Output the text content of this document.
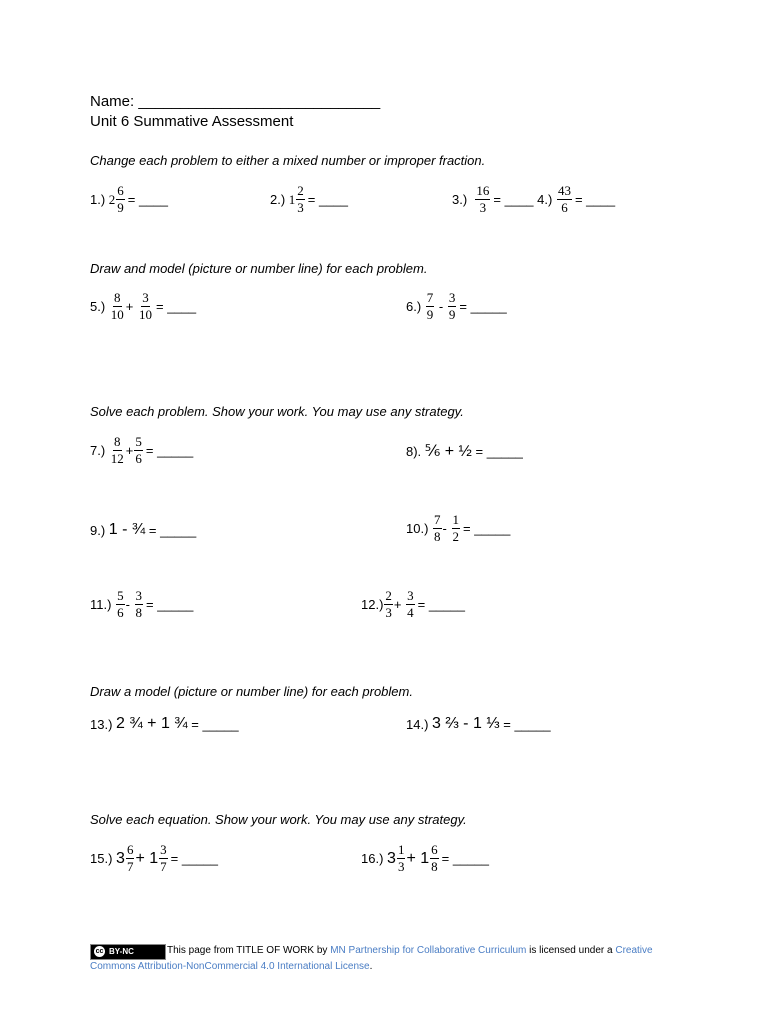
Name: _____________________________
Unit 6 Summative Assessment
Change each problem to either a mixed number or improper fraction.
1.)
$2 \frac{6}{9}$ = ____	2.)
$1 \frac{2}{3}$ = ____	3.)
$\frac{16}{3}$ = ____
4.)
$\frac{43}{6}$ = ____
Draw and model (picture or number line) for each problem.
5.)
$\frac{8}{10}$ +
$\frac{3}{10}$ = ____	6.)
$\frac{7}{9}$
-
$\frac{3}{9}$ = _____
Solve each problem. Show your work. You may use any strategy.
7.)
$\frac{8}{12} + \frac{5}{6}$ = _____	8).
⅚ + ½
= _____
9.)
1 - ¾
= _____	10.)
$\frac{7}{8}$ -
$\frac{1}{2}$ = _____
11.)
$\frac{5}{6}$ -
$\frac{3}{8}$ = _____	$12.) \frac{2}{3}$ +
$\frac{3}{4}$ = _____
Draw a model (picture or number line) for each problem.
13.)
2 ¾ + 1 ¾
= _____	14.)
3 ⅔ - 1 ⅓
= _____
Solve each equation. Show your work. You may use any strategy.
15.)
$3 \frac{6}{7} + 1 \frac{3}{7}$ = _____	16.)
$3 \frac{1}{3} + 1 \frac{6}{8}$ = _____
cc BY-NC	This page from TITLE OF WORK by MN Partnership for Collaborative Curriculum is licensed under a Creative Commons Attribution-NonCommercial 4.0 International License.
